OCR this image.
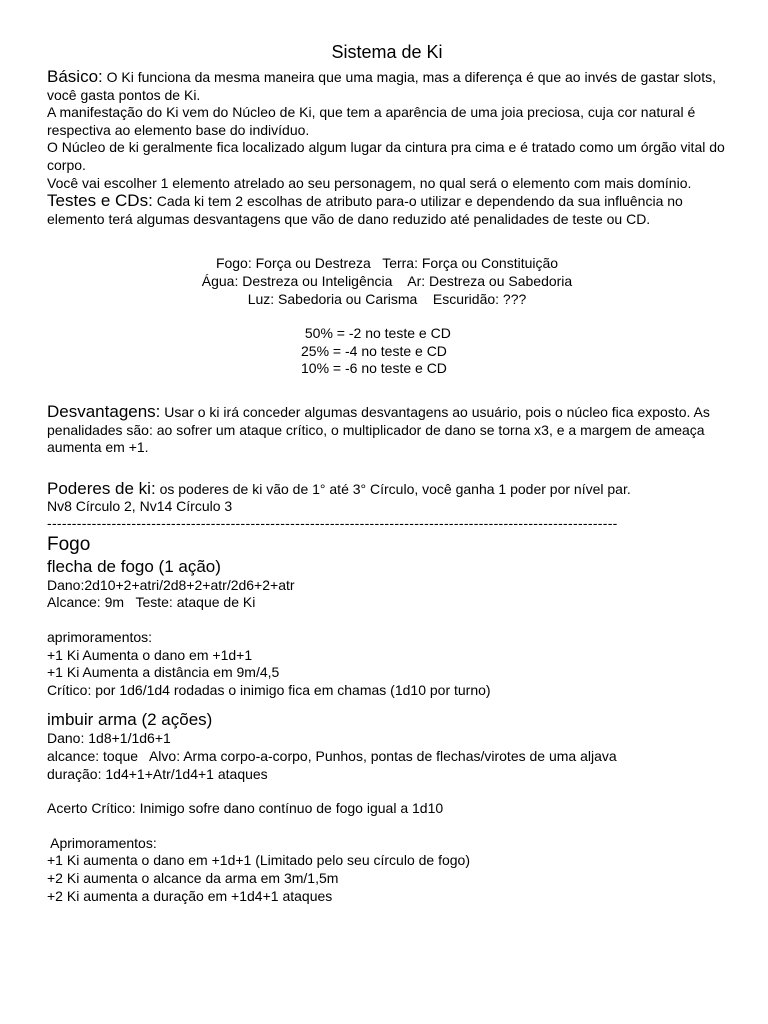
Sistema de Ki

Básico: O Ki funciona da mesma maneira que uma magia, mas a diferença é que ao invés de gastar slots, você gasta pontos de Ki.

A manifestação do Ki vem do Núcleo de Ki, que tem a aparência de uma joia preciosa, cuja cor natural é respectiva ao elemento base do indivíduo.

O Núcleo de ki geralmente fica localizado algum lugar da cintura pra cima e é tratado como um órgão vital do corpo.

Você vai escolher 1 elemento atrelado ao seu personagem, no qual será o elemento com mais domínio.

Testes e CDs: Cada ki tem 2 escolhas de atributo para-o utilizar e dependendo da sua influência no elemento terá algumas desvantagens que vão de dano reduzido até penalidades de teste ou CD.

Fogo: Força ou Destreza   Terra: Força ou Constituição

Água: Destreza ou Inteligência    Ar: Destreza ou Sabedoria

Luz: Sabedoria ou Carisma    Escuridão: ???

50% = -2 no teste e CD

25% = -4 no teste e CD

10% = -6 no teste e CD

Desvantagens: Usar o ki irá conceder algumas desvantagens ao usuário, pois o núcleo fica exposto. As penalidades são: ao sofrer um ataque crítico, o multiplicador de dano se torna x3, e a margem de ameaça aumenta em +1.

Poderes de ki: os poderes de ki vão de 1° até 3° Círculo, você ganha 1 poder por nível par.

Nv8 Círculo 2, Nv14 Círculo 3

-------------------------------------------------------------------------------------------------------------------
Fogo
flecha de fogo (1 ação)

Dano:2d10+2+atri/2d8+2+atr/2d6+2+atr

Alcance: 9m   Teste: ataque de Ki

aprimoramentos:

+1 Ki Aumenta o dano em +1d+1

+1 Ki Aumenta a distância em 9m/4,5

Crítico: por 1d6/1d4 rodadas o inimigo fica em chamas (1d10 por turno)

imbuir arma (2 ações)

Dano: 1d8+1/1d6+1

alcance: toque   Alvo: Arma corpo-a-corpo, Punhos, pontas de flechas/virotes de uma aljava

duração: 1d4+1+Atr/1d4+1 ataques

Acerto Crítico: Inimigo sofre dano contínuo de fogo igual a 1d10

Aprimoramentos:

+1 Ki aumenta o dano em +1d+1 (Limitado pelo seu círculo de fogo)

+2 Ki aumenta o alcance da arma em 3m/1,5m

+2 Ki aumenta a duração em +1d4+1 ataques
